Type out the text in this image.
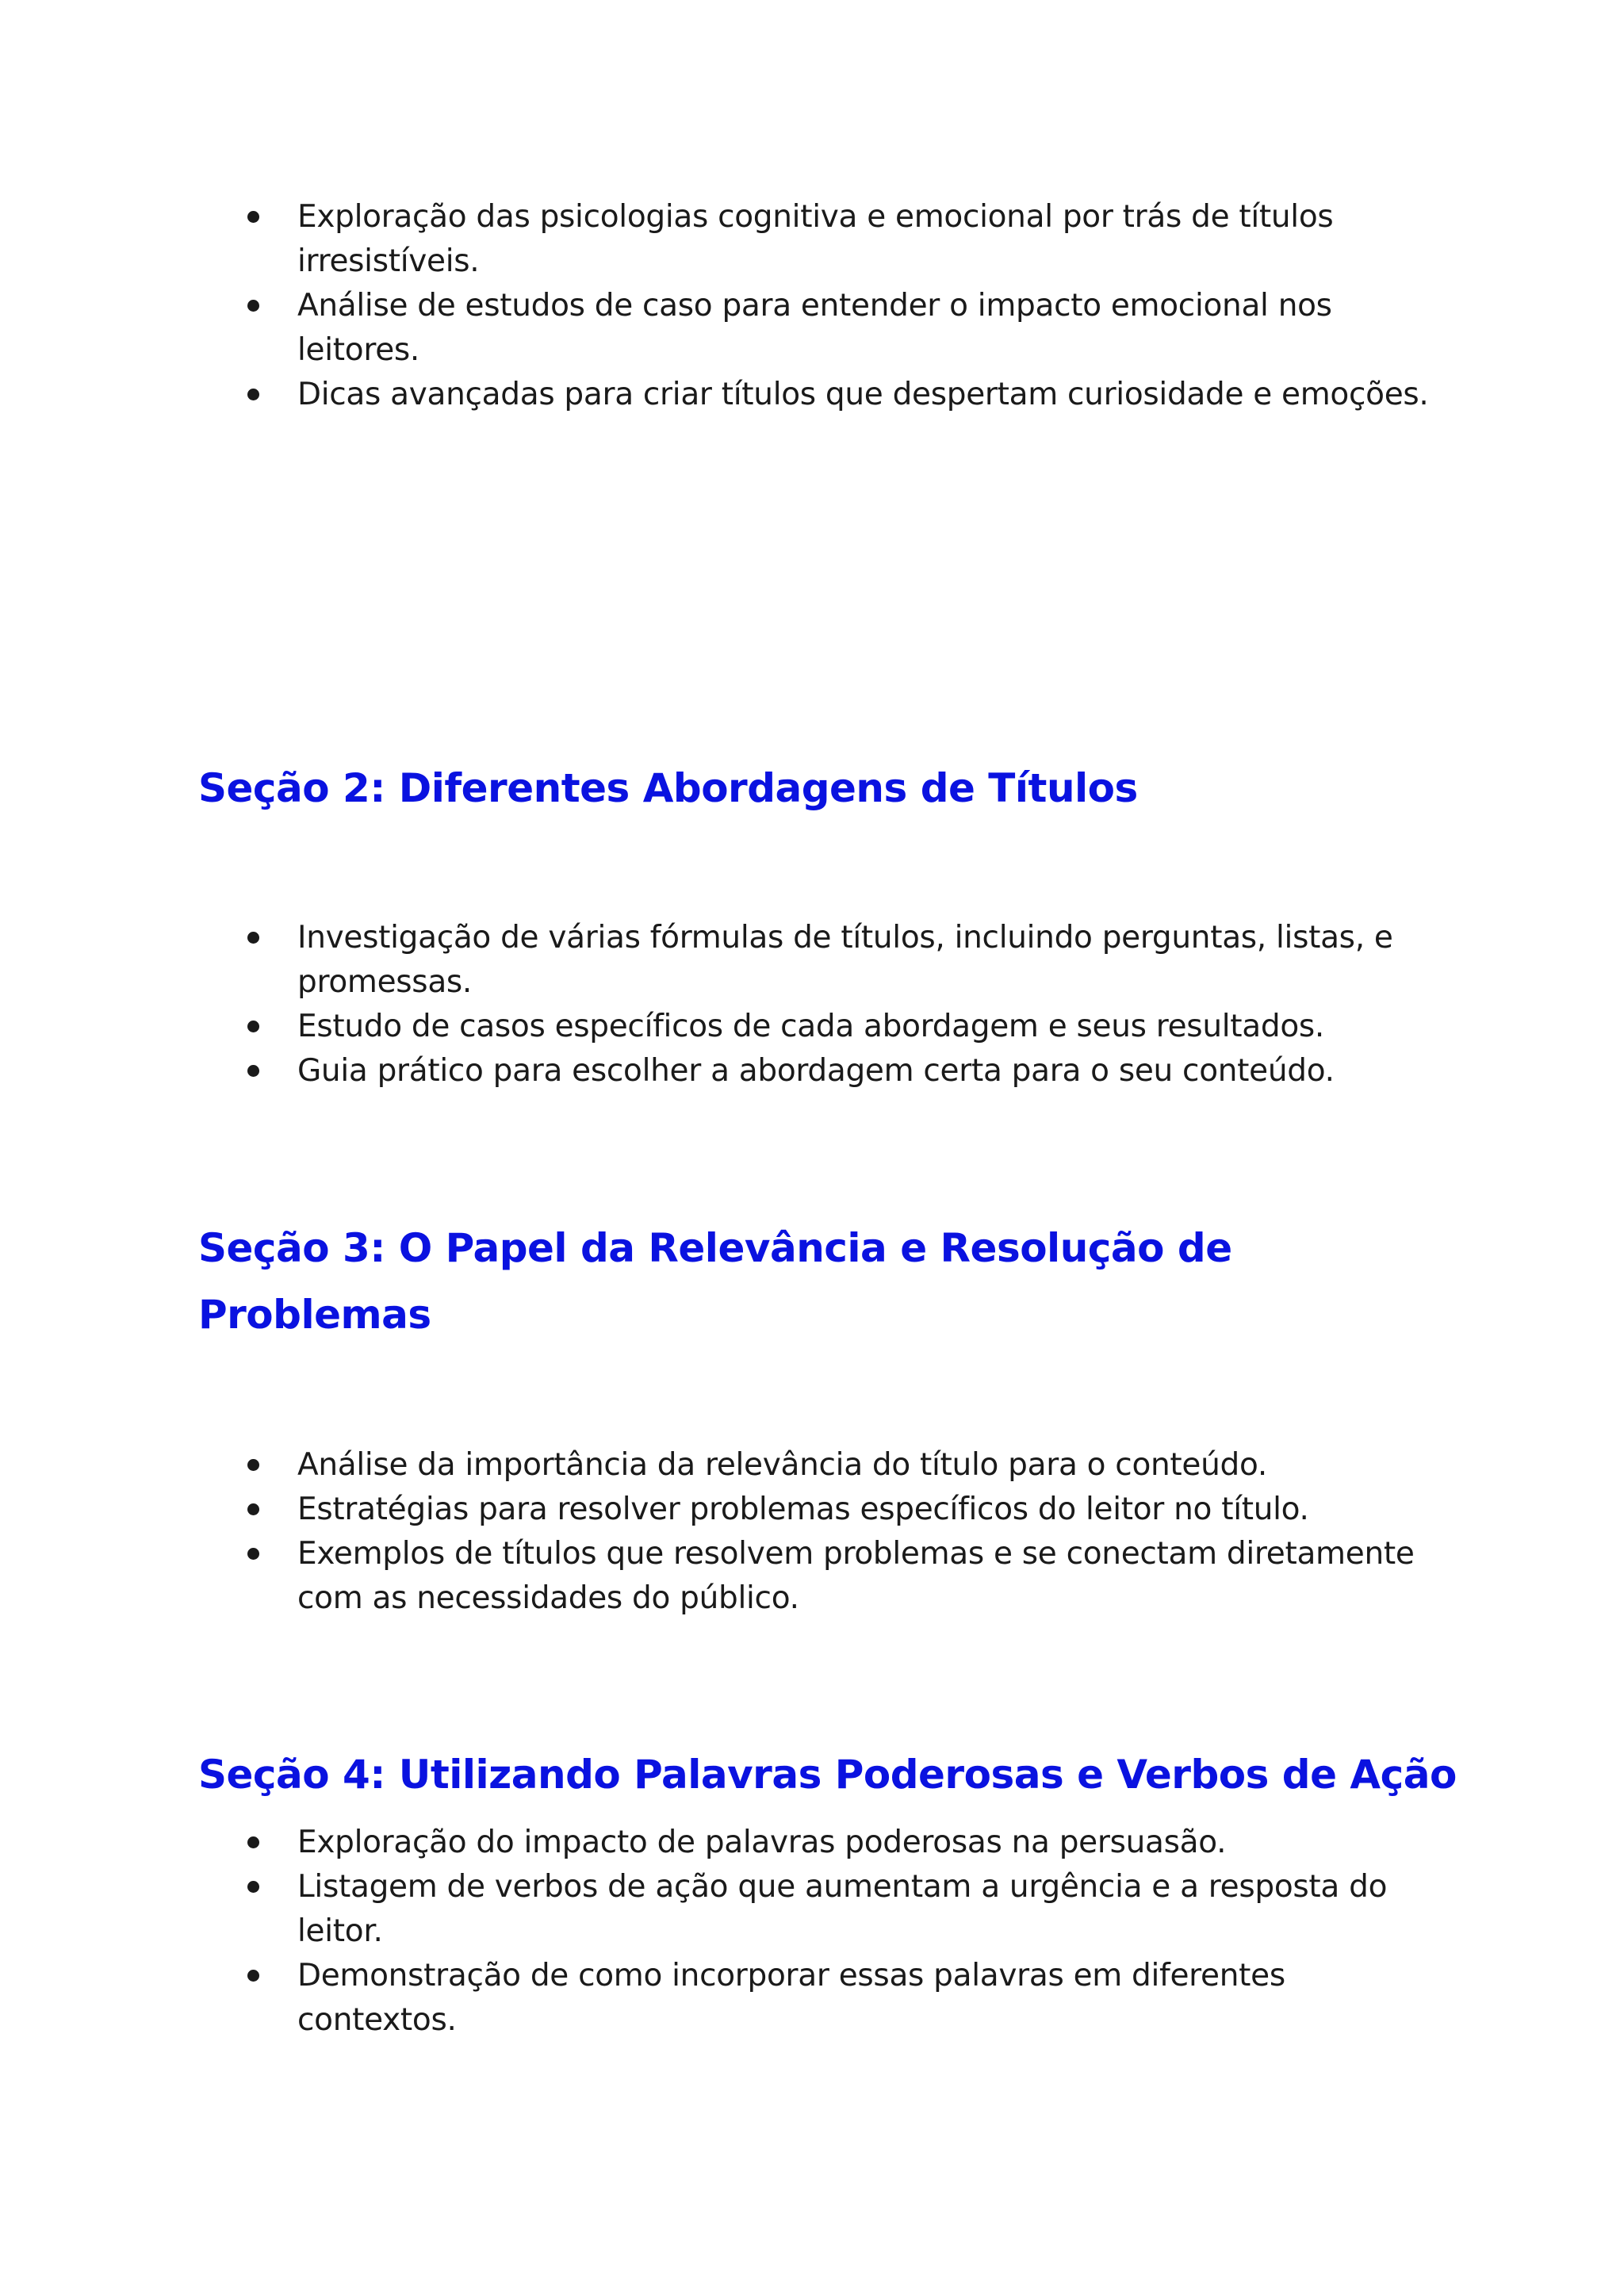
Exploração das psicologias cognitiva e emocional por trás de títulos irresistíveis.
Análise de estudos de caso para entender o impacto emocional nos leitores.
Dicas avançadas para criar títulos que despertam curiosidade e emoções.
Seção 2: Diferentes Abordagens de Títulos
Investigação de várias fórmulas de títulos, incluindo perguntas, listas, e promessas.
Estudo de casos específicos de cada abordagem e seus resultados.
Guia prático para escolher a abordagem certa para o seu conteúdo.
Seção 3: O Papel da Relevância e Resolução de
Problemas
Análise da importância da relevância do título para o conteúdo.
Estratégias para resolver problemas específicos do leitor no título.
Exemplos de títulos que resolvem problemas e se conectam diretamente com as necessidades do público.
Seção 4: Utilizando Palavras Poderosas e Verbos de Ação
Exploração do impacto de palavras poderosas na persuasão.
Listagem de verbos de ação que aumentam a urgência e a resposta do leitor.
Demonstração de como incorporar essas palavras em diferentes contextos.
